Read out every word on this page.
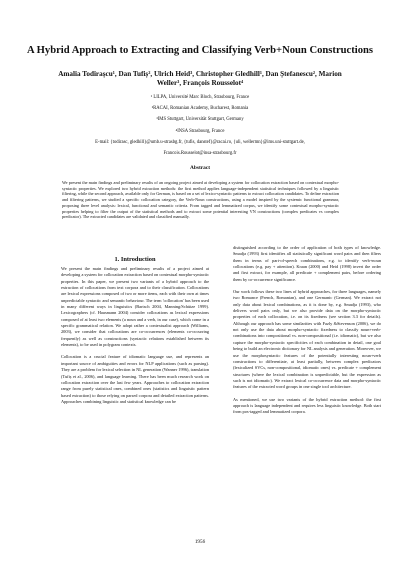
A Hybrid Approach to Extracting and Classifying Verb+Noun Constructions
Amalia Todirașcu¹, Dan Tufiș², Ulrich Heid³, Christopher Gledhill¹, Dan Ștefanescu², Marion
Weller³, François Rousselot⁴
¹ LILPA, Université Marc Bloch, Strasbourg, France
²RACAI, Romanian Academy, Bucharest, Romania
³IMS Stuttgart, Universität Stuttgart, Germany
⁴INSA Strasbourg, France
E-mail: {todirasc, gledhill}@umb.u-strasbg.fr, {tufis, danstef}@racai.ro, {uli, wellermn}@ims.uni-stuttgart.de,
Francois.Rousselot@insa-strasbourg.fr
Abstract
We present the main findings and preliminary results of an ongoing project aimed at developing a system for collocation extraction based on contextual morpho-syntactic properties. We explored two hybrid extraction methods: the first method applies language-independent statistical techniques followed by a linguistic filtering, while the second approach, available only for German, is based on a set of lexico-syntactic patterns to extract collocation candidates. To define extraction and filtering patterns, we studied a specific collocation category, the Verb-Noun constructions, using a model inspired by the systemic functional grammar, proposing three level analysis: lexical, functional and semantic criteria. From tagged and lemmatized corpus, we identify some contextual morpho-syntactic properties helping to filter the output of the statistical methods and to extract some potential interesting VN constructions (complex predicates vs complex predicator). The extracted candidates are validated and classified manually.
1. Introduction

We present the main findings and preliminary results of a project aimed at developing a system for collocation extraction based on contextual morpho-syntactic properties. In this paper, we present two variants of a hybrid approach to the extraction of collocations from text corpora and to their classification. Collocations are lexical expressions composed of two or more items, each with their own at times unpredictable syntactic and semantic behaviour. The term 'collocation' has been used in many different ways in linguistics (Bartsch 2004, Manning/Schütze 1999). Lexicographers (cf. Hausmann 2004) consider collocations as lexical expressions composed of at least two elements (a noun and a verb, in our case), which come in a specific grammatical relation. We adopt rather a contextualist approach (Williams, 2003), we consider that collocations are co-occurrences (elements co-occurring frequently) as well as constructions (syntactic relations established between its elements), to be used in polygram contexts.

Collocation is a crucial feature of idiomatic language use, and represents an important source of ambiguities and errors for NLP applications (such as parsing). They are a problem for lexical selection in NL generation (Wanner 1996), translation (Tufiș et al., 2006), and language learning. There has been much research work on collocation extraction over the last few years. Approaches to collocation extraction range from purely statistical ones, combined ones (statistics and linguistic pattern based extraction) to those relying on parsed corpora and detailed extraction patterns. Approaches combining linguistic and statistical knowledge can be

distinguished according to the order of application of both types of knowledge. Smadja (1993) first identifies all statistically significant word pairs and then filters them in terms of part-of-speech combinations, e.g. to identify verb+noun collocations (e.g. pay + attention). Kraan (2000) and Heid (1998) invert the order and first extract, for example, all predicate + complement pairs, before ordering them by co-occurrence significance.

Our work follows these two lines of hybrid approaches, for three languages, namely two Romance (French, Romanian), and one Germanic (German). We extract not only data about lexical combinations, as it is done by, e.g. Smadja (1993), who delivers word pairs only, but we also provide data on the morpho-syntactic properties of each collocation, i.e. on its fixedness (see section 3.3 for details). Although our approach has some similarities with Fazly &Stevenson (2006), we do not only use the data about morpho-syntactic fixedness to classify noun+verb-combinations into compositional vs. non-compositional (i.e. idiomatic), but we also capture the morpho-syntactic specificities of each combination in detail, one goal being to build an electronic dictionary for NL analysis and generation. Moreover, we use the morphosyntactic features of the potentially interesting noun+verb constructions to differentiate, at least partially, between complex predicators (lexicalized SVCs, non-compositional, idiomatic ones) vs. predicate + complement structures (where the lexical combination is unpredictable, but the expression as such is not idiomatic). We extract lexical co-occurrence data and morpho-syntactic features of the extracted word groups in one single tool architecture.

As mentioned, we use two variants of the hybrid extraction method: the first approach is language independent and requires less linguistic knowledge. Both start from pos-tagged and lemmatized corpora.

1956
